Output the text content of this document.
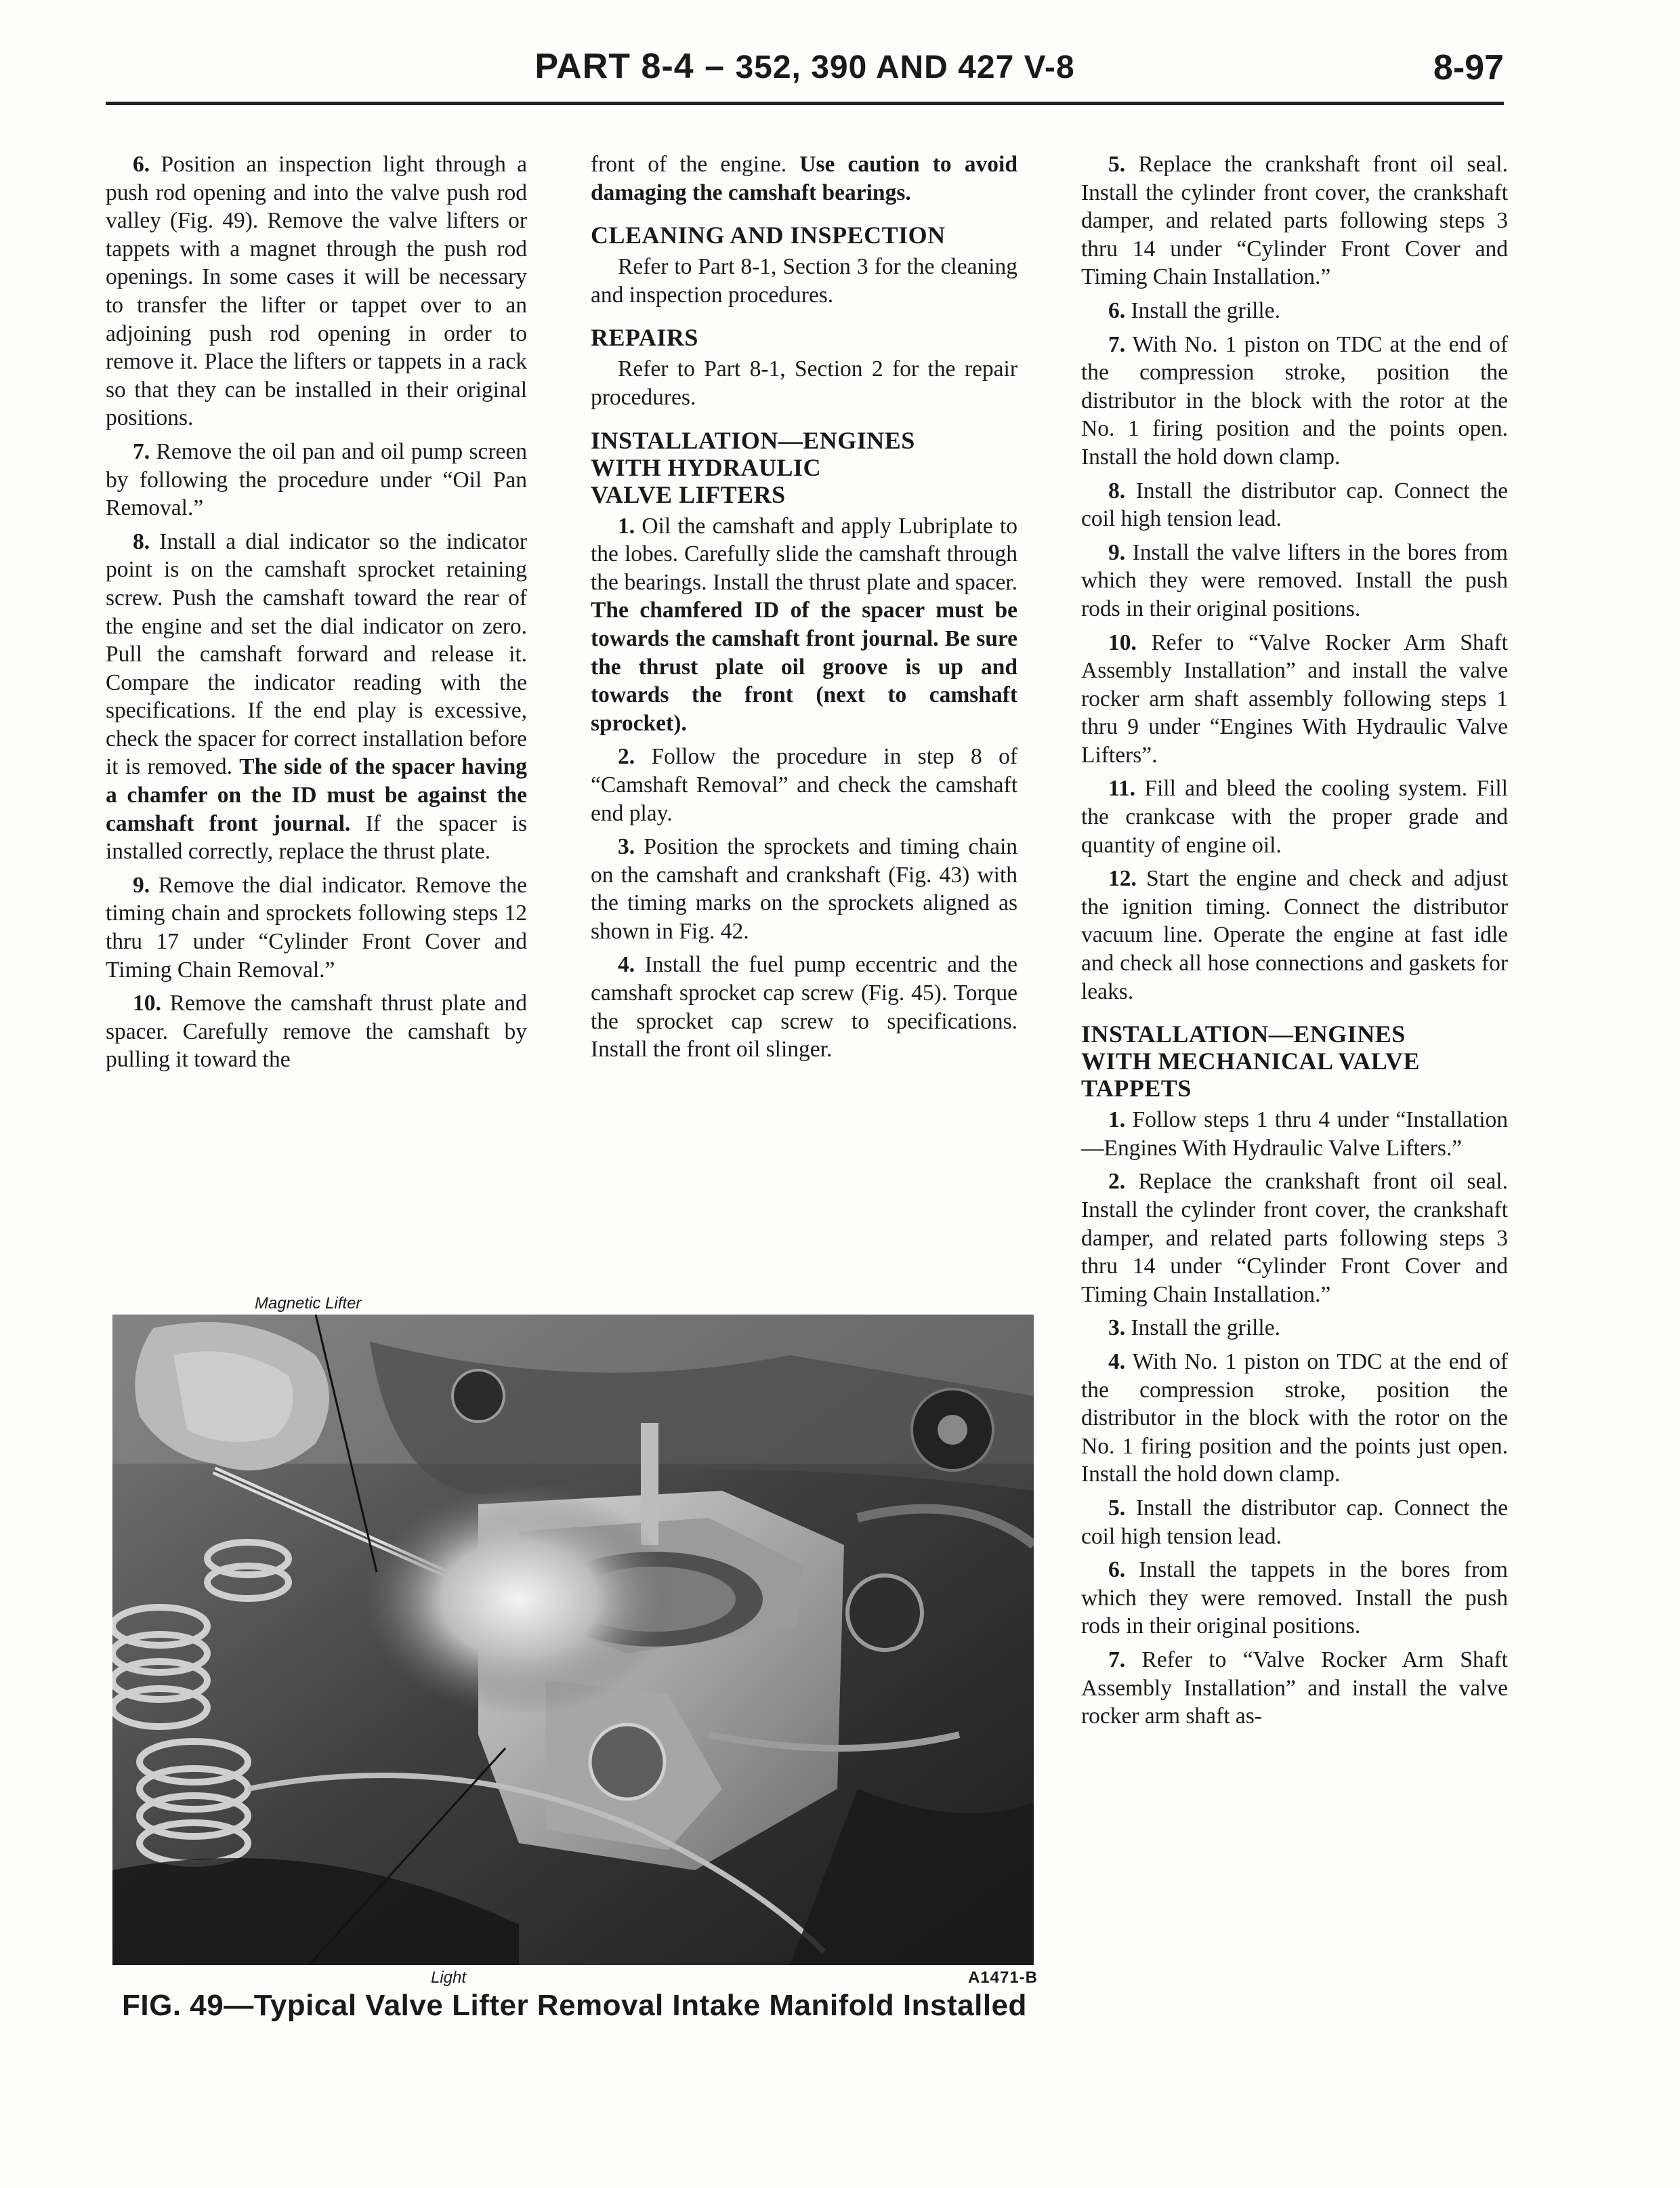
PART 8-4 – 352, 390 AND 427 V-8	8-97

6. Position an inspection light through a push rod opening and into the valve push rod valley (Fig. 49). Remove the valve lifters or tappets with a magnet through the push rod openings. In some cases it will be necessary to transfer the lifter or tappet over to an adjoining push rod opening in order to remove it. Place the lifters or tappets in a rack so that they can be installed in their original positions.

7. Remove the oil pan and oil pump screen by following the procedure under “Oil Pan Removal.”

8. Install a dial indicator so the indicator point is on the camshaft sprocket retaining screw. Push the camshaft toward the rear of the engine and set the dial indicator on zero. Pull the camshaft forward and release it. Compare the indicator reading with the specifications. If the end play is excessive, check the spacer for correct installation before it is removed. The side of the spacer having a chamfer on the ID must be against the camshaft front journal. If the spacer is installed correctly, replace the thrust plate.

9. Remove the dial indicator. Remove the timing chain and sprockets following steps 12 thru 17 under “Cylinder Front Cover and Timing Chain Removal.”

10. Remove the camshaft thrust plate and spacer. Carefully remove the camshaft by pulling it toward the

front of the engine. Use caution to avoid damaging the camshaft bearings.

CLEANING AND INSPECTION

Refer to Part 8-1, Section 3 for the cleaning and inspection procedures.

REPAIRS

Refer to Part 8-1, Section 2 for the repair procedures.

INSTALLATION—ENGINES
WITH HYDRAULIC
VALVE LIFTERS

1. Oil the camshaft and apply Lubriplate to the lobes. Carefully slide the camshaft through the bearings. Install the thrust plate and spacer. The chamfered ID of the spacer must be towards the camshaft front journal. Be sure the thrust plate oil groove is up and towards the front (next to camshaft sprocket).

2. Follow the procedure in step 8 of “Camshaft Removal” and check the camshaft end play.

3. Position the sprockets and timing chain on the camshaft and crankshaft (Fig. 43) with the timing marks on the sprockets aligned as shown in Fig. 42.

4. Install the fuel pump eccentric and the camshaft sprocket cap screw (Fig. 45). Torque the sprocket cap screw to specifications. Install the front oil slinger.

5. Replace the crankshaft front oil seal. Install the cylinder front cover, the crankshaft damper, and related parts following steps 3 thru 14 under “Cylinder Front Cover and Timing Chain Installation.”

6. Install the grille.

7. With No. 1 piston on TDC at the end of the compression stroke, position the distributor in the block with the rotor at the No. 1 firing position and the points open. Install the hold down clamp.

8. Install the distributor cap. Connect the coil high tension lead.

9. Install the valve lifters in the bores from which they were removed. Install the push rods in their original positions.

10. Refer to “Valve Rocker Arm Shaft Assembly Installation” and install the valve rocker arm shaft assembly following steps 1 thru 9 under “Engines With Hydraulic Valve Lifters”.

11. Fill and bleed the cooling system. Fill the crankcase with the proper grade and quantity of engine oil.

12. Start the engine and check and adjust the ignition timing. Connect the distributor vacuum line. Operate the engine at fast idle and check all hose connections and gaskets for leaks.

INSTALLATION—ENGINES
WITH MECHANICAL VALVE
TAPPETS

1. Follow steps 1 thru 4 under “Installation—Engines With Hydraulic Valve Lifters.”

2. Replace the crankshaft front oil seal. Install the cylinder front cover, the crankshaft damper, and related parts following steps 3 thru 14 under “Cylinder Front Cover and Timing Chain Installation.”

3. Install the grille.

4. With No. 1 piston on TDC at the end of the compression stroke, position the distributor in the block with the rotor on the No. 1 firing position and the points just open. Install the hold down clamp.

5. Install the distributor cap. Connect the coil high tension lead.

6. Install the tappets in the bores from which they were removed. Install the push rods in their original positions.

7. Refer to “Valve Rocker Arm Shaft Assembly Installation” and install the valve rocker arm shaft as-

Magnetic Lifter
Light	A1471-B
FIG. 49—Typical Valve Lifter Removal Intake Manifold Installed
